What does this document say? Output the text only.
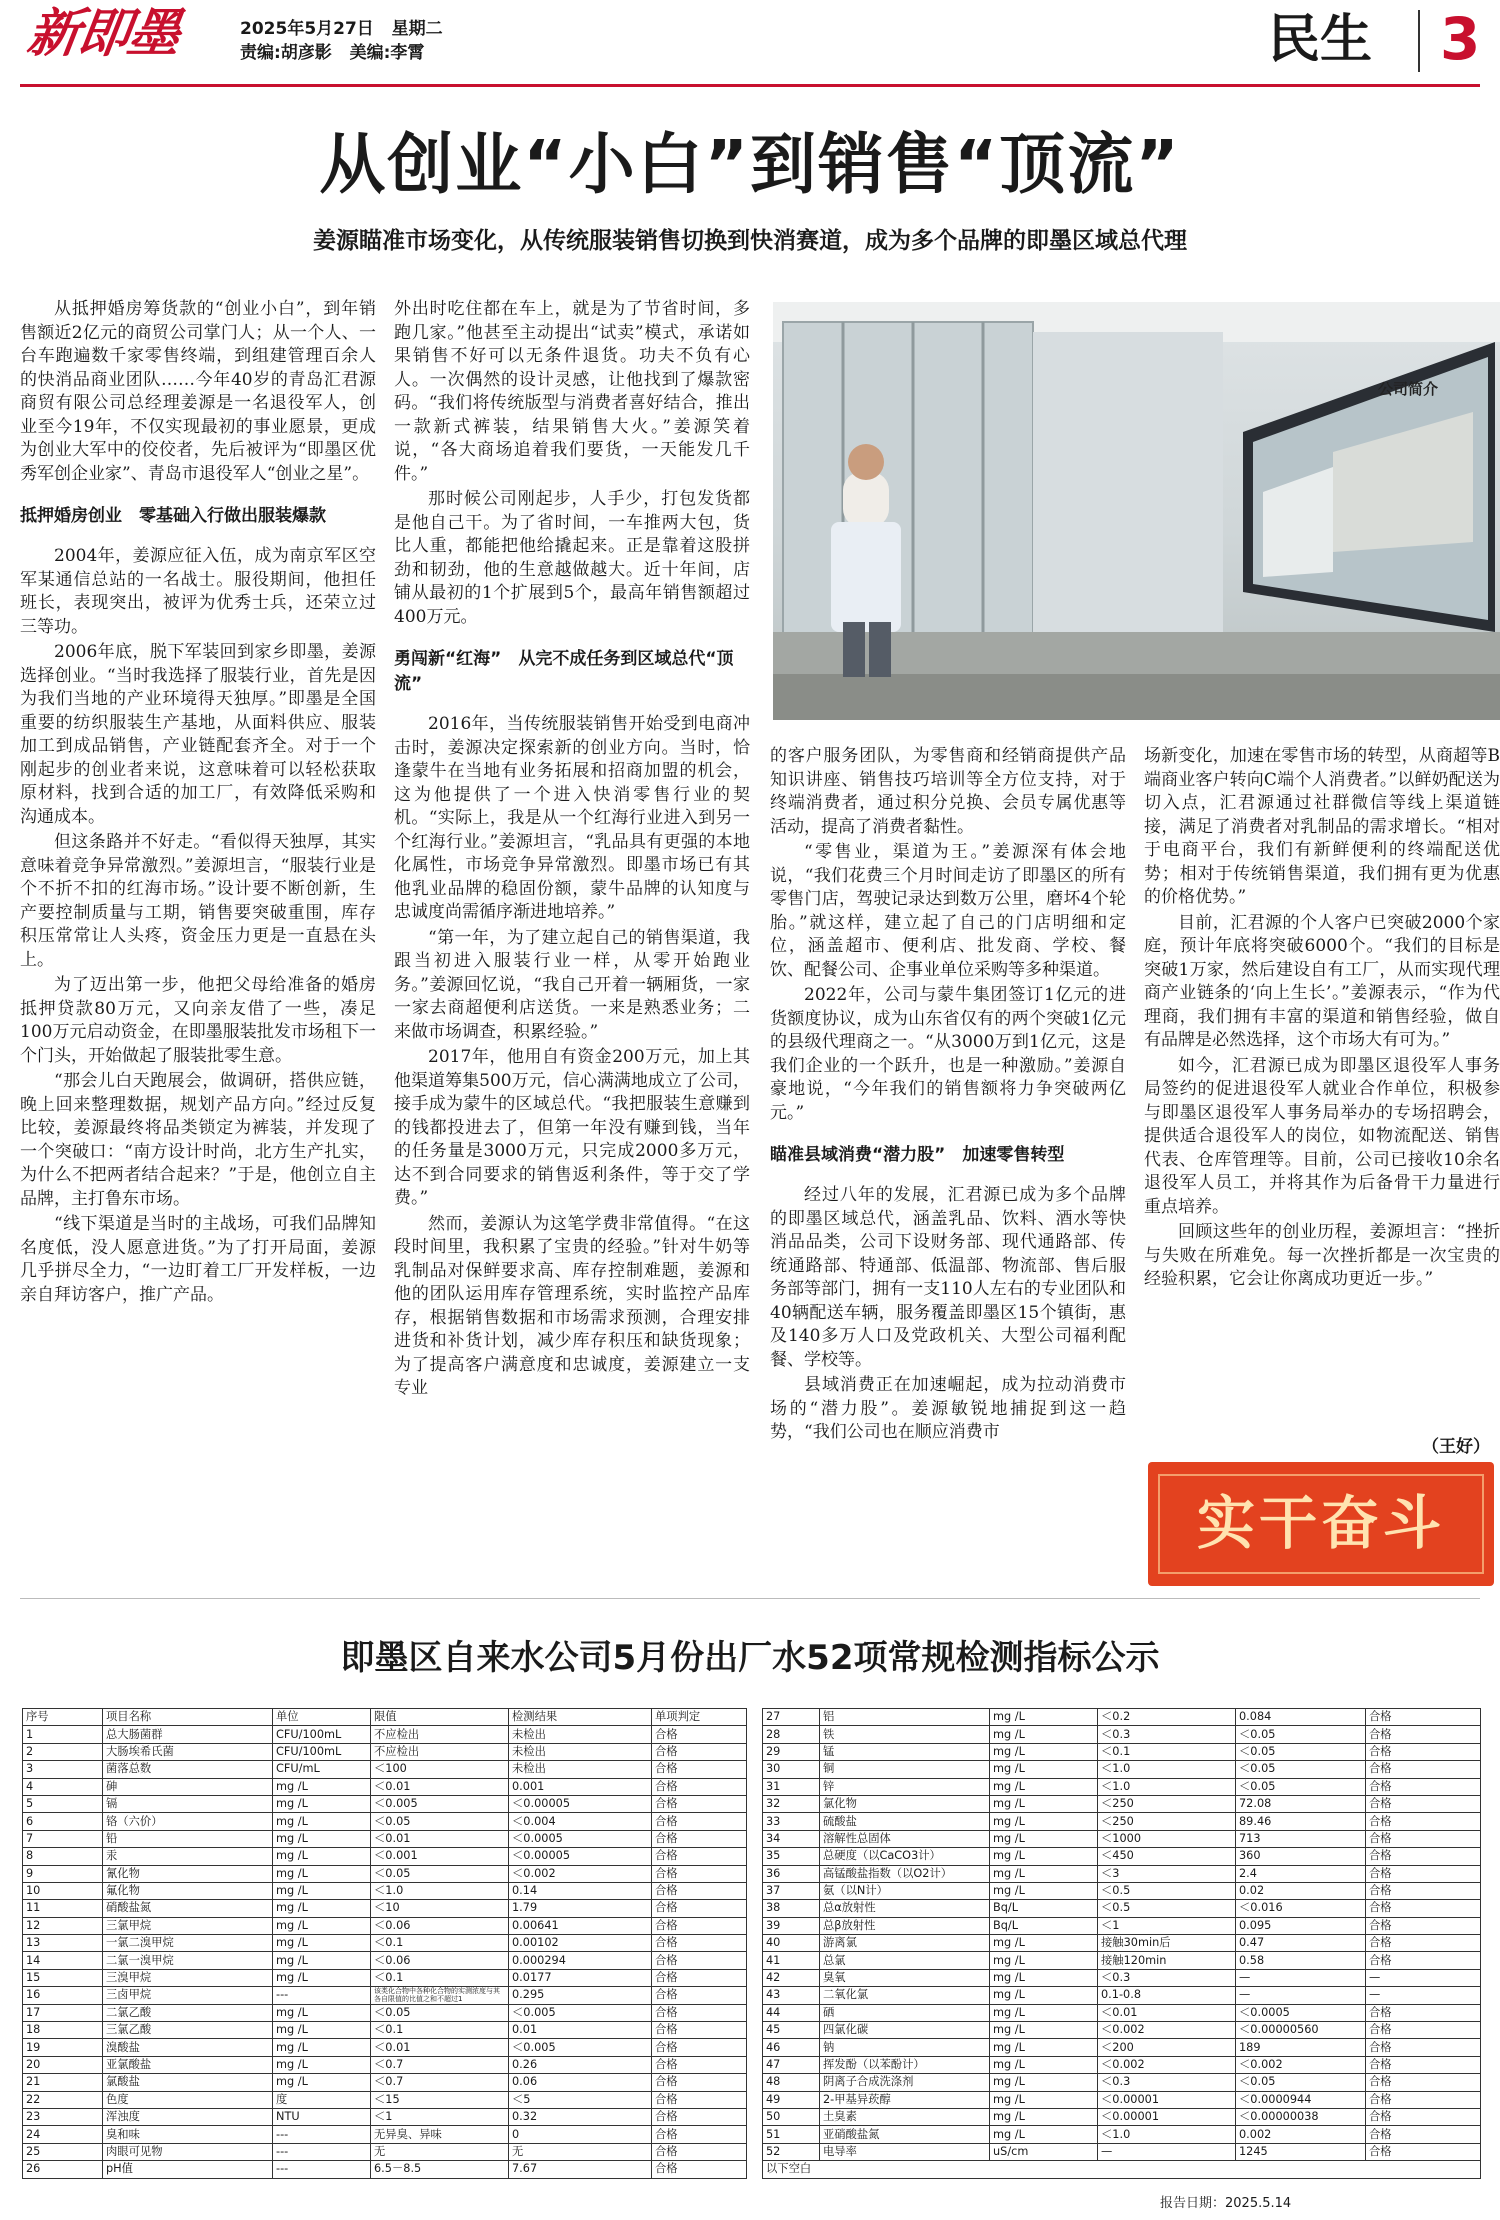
新即墨	2025年5月27日 星期二
责编:胡彦影 美编:李霄	民生 3
从创业“小白”到销售“顶流”
姜源瞄准市场变化，从传统服装销售切换到快消赛道，成为多个品牌的即墨区域总代理
公司简介

从抵押婚房筹货款的“创业小白”，到年销售额近2亿元的商贸公司掌门人；从一个人、一台车跑遍数千家零售终端，到组建管理百余人的快消品商业团队……今年40岁的青岛汇君源商贸有限公司总经理姜源是一名退役军人，创业至今19年，不仅实现最初的事业愿景，更成为创业大军中的佼佼者，先后被评为“即墨区优秀军创企业家”、青岛市退役军人“创业之星”。

抵押婚房创业　零基础入行做出服装爆款

2004年，姜源应征入伍，成为南京军区空军某通信总站的一名战士。服役期间，他担任班长，表现突出，被评为优秀士兵，还荣立过三等功。

2006年底，脱下军装回到家乡即墨，姜源选择创业。“当时我选择了服装行业，首先是因为我们当地的产业环境得天独厚。”即墨是全国重要的纺织服装生产基地，从面料供应、服装加工到成品销售，产业链配套齐全。对于一个刚起步的创业者来说，这意味着可以轻松获取原材料，找到合适的加工厂，有效降低采购和沟通成本。

但这条路并不好走。“看似得天独厚，其实意味着竞争异常激烈。”姜源坦言，“服装行业是个不折不扣的红海市场。”设计要不断创新，生产要控制质量与工期，销售要突破重围，库存积压常常让人头疼，资金压力更是一直悬在头上。

为了迈出第一步，他把父母给准备的婚房抵押贷款80万元，又向亲友借了一些，凑足100万元启动资金，在即墨服装批发市场租下一个门头，开始做起了服装批零生意。

“那会儿白天跑展会，做调研，搭供应链，晚上回来整理数据，规划产品方向。”经过反复比较，姜源最终将品类锁定为裤装，并发现了一个突破口：“南方设计时尚，北方生产扎实，为什么不把两者结合起来？”于是，他创立自主品牌，主打鲁东市场。

“线下渠道是当时的主战场，可我们品牌知名度低，没人愿意进货。”为了打开局面，姜源几乎拼尽全力，“一边盯着工厂开发样板，一边亲自拜访客户，推广产品。

外出时吃住都在车上，就是为了节省时间，多跑几家。”他甚至主动提出“试卖”模式，承诺如果销售不好可以无条件退货。功夫不负有心人。一次偶然的设计灵感，让他找到了爆款密码。“我们将传统版型与消费者喜好结合，推出一款新式裤装，结果销售大火。”姜源笑着说，“各大商场追着我们要货，一天能发几千件。”

那时候公司刚起步，人手少，打包发货都是他自己干。为了省时间，一车推两大包，货比人重，都能把他给撬起来。正是靠着这股拼劲和韧劲，他的生意越做越大。近十年间，店铺从最初的1个扩展到5个，最高年销售额超过400万元。

勇闯新“红海”　从完不成任务到区域总代“顶流”

2016年，当传统服装销售开始受到电商冲击时，姜源决定探索新的创业方向。当时，恰逢蒙牛在当地有业务拓展和招商加盟的机会，这为他提供了一个进入快消零售行业的契机。“实际上，我是从一个红海行业进入到另一个红海行业。”姜源坦言，“乳品具有更强的本地化属性，市场竞争异常激烈。即墨市场已有其他乳业品牌的稳固份额，蒙牛品牌的认知度与忠诚度尚需循序渐进地培养。”

“第一年，为了建立起自己的销售渠道，我跟当初进入服装行业一样，从零开始跑业务。”姜源回忆说，“我自己开着一辆厢货，一家一家去商超便利店送货。一来是熟悉业务；二来做市场调查，积累经验。”

2017年，他用自有资金200万元，加上其他渠道筹集500万元，信心满满地成立了公司，接手成为蒙牛的区域总代。“我把服装生意赚到的钱都投进去了，但第一年没有赚到钱，当年的任务量是3000万元，只完成2000多万元，达不到合同要求的销售返利条件，等于交了学费。”

然而，姜源认为这笔学费非常值得。“在这段时间里，我积累了宝贵的经验。”针对牛奶等乳制品对保鲜要求高、库存控制难题，姜源和他的团队运用库存管理系统，实时监控产品库存，根据销售数据和市场需求预测，合理安排进货和补货计划，减少库存积压和缺货现象；为了提高客户满意度和忠诚度，姜源建立一支专业

的客户服务团队，为零售商和经销商提供产品知识讲座、销售技巧培训等全方位支持，对于终端消费者，通过积分兑换、会员专属优惠等活动，提高了消费者黏性。

“零售业，渠道为王。”姜源深有体会地说，“我们花费三个月时间走访了即墨区的所有零售门店，驾驶记录达到数万公里，磨坏4个轮胎。”就这样，建立起了自己的门店明细和定位，涵盖超市、便利店、批发商、学校、餐饮、配餐公司、企事业单位采购等多种渠道。

2022年，公司与蒙牛集团签订1亿元的进货额度协议，成为山东省仅有的两个突破1亿元的县级代理商之一。“从3000万到1亿元，这是我们企业的一个跃升，也是一种激励。”姜源自豪地说，“今年我们的销售额将力争突破两亿元。”

瞄准县域消费“潜力股”　加速零售转型

经过八年的发展，汇君源已成为多个品牌的即墨区域总代，涵盖乳品、饮料、酒水等快消品品类，公司下设财务部、现代通路部、传统通路部、特通部、低温部、物流部、售后服务部等部门，拥有一支110人左右的专业团队和40辆配送车辆，服务覆盖即墨区15个镇街，惠及140多万人口及党政机关、大型公司福利配餐、学校等。

县域消费正在加速崛起，成为拉动消费市场的“潜力股”。姜源敏锐地捕捉到这一趋势，“我们公司也在顺应消费市

场新变化，加速在零售市场的转型，从商超等B端商业客户转向C端个人消费者。”以鲜奶配送为切入点，汇君源通过社群微信等线上渠道链接，满足了消费者对乳制品的需求增长。“相对于电商平台，我们有新鲜便利的终端配送优势；相对于传统销售渠道，我们拥有更为优惠的价格优势。”

目前，汇君源的个人客户已突破2000个家庭，预计年底将突破6000个。“我们的目标是突破1万家，然后建设自有工厂，从而实现代理商产业链条的‘向上生长’。”姜源表示，“作为代理商，我们拥有丰富的渠道和销售经验，做自有品牌是必然选择，这个市场大有可为。”

如今，汇君源已成为即墨区退役军人事务局签约的促进退役军人就业合作单位，积极参与即墨区退役军人事务局举办的专场招聘会，提供适合退役军人的岗位，如物流配送、销售代表、仓库管理等。目前，公司已接收10余名退役军人员工，并将其作为后备骨干力量进行重点培养。

回顾这些年的创业历程，姜源坦言：“挫折与失败在所难免。每一次挫折都是一次宝贵的经验积累，它会让你离成功更近一步。”

（王好）
实干奋斗
即墨区自来水公司5月份出厂水52项常规检测指标公示
序号	项目名称	单位	限值	检测结果	单项判定
1	总大肠菌群	CFU/100mL	不应检出	未检出	合格
2	大肠埃希氏菌	CFU/100mL	不应检出	未检出	合格
3	菌落总数	CFU/mL	＜100	未检出	合格
4	砷	mg /L	＜0.01	0.001	合格
5	镉	mg /L	＜0.005	＜0.00005	合格
6	铬（六价）	mg /L	＜0.05	＜0.004	合格
7	铅	mg /L	＜0.01	＜0.0005	合格
8	汞	mg /L	＜0.001	＜0.00005	合格
9	氰化物	mg /L	＜0.05	＜0.002	合格
10	氟化物	mg /L	＜1.0	0.14	合格
11	硝酸盐氮	mg /L	＜10	1.79	合格
12	三氯甲烷	mg /L	＜0.06	0.00641	合格
13	一氯二溴甲烷	mg /L	＜0.1	0.00102	合格
14	二氯一溴甲烷	mg /L	＜0.06	0.000294	合格
15	三溴甲烷	mg /L	＜0.1	0.0177	合格
16	三卤甲烷	---	该类化合物中各种化合物的实测浓度与其各自限值的比值之和不超过1	0.295	合格
17	二氯乙酸	mg /L	＜0.05	＜0.005	合格
18	三氯乙酸	mg /L	＜0.1	0.01	合格
19	溴酸盐	mg /L	＜0.01	＜0.005	合格
20	亚氯酸盐	mg /L	＜0.7	0.26	合格
21	氯酸盐	mg /L	＜0.7	0.06	合格
22	色度	度	＜15	＜5	合格
23	浑浊度	NTU	＜1	0.32	合格
24	臭和味	---	无异臭、异味	0	合格
25	肉眼可见物	---	无	无	合格
26	pH值	---	6.5－8.5	7.67	合格
27	铝	mg /L	＜0.2	0.084	合格
28	铁	mg /L	＜0.3	＜0.05	合格
29	锰	mg /L	＜0.1	＜0.05	合格
30	铜	mg /L	＜1.0	＜0.05	合格
31	锌	mg /L	＜1.0	＜0.05	合格
32	氯化物	mg /L	＜250	72.08	合格
33	硫酸盐	mg /L	＜250	89.46	合格
34	溶解性总固体	mg /L	＜1000	713	合格
35	总硬度（以CaCO3计）	mg /L	＜450	360	合格
36	高锰酸盐指数（以O2计）	mg /L	＜3	2.4	合格
37	氨（以N计）	mg /L	＜0.5	0.02	合格
38	总α放射性	Bq/L	＜0.5	＜0.016	合格
39	总β放射性	Bq/L	＜1	0.095	合格
40	游离氯	mg /L	接触30min后	0.47	合格
41	总氯	mg /L	接触120min	0.58	合格
42	臭氧	mg /L	＜0.3	—	—
43	二氧化氯	mg /L	0.1-0.8	—	—
44	硒	mg /L	＜0.01	＜0.0005	合格
45	四氯化碳	mg /L	＜0.002	＜0.00000560	合格
46	钠	mg /L	＜200	189	合格
47	挥发酚（以苯酚计）	mg /L	＜0.002	＜0.002	合格
48	阴离子合成洗涤剂	mg /L	＜0.3	＜0.05	合格
49	2-甲基异莰醇	mg /L	＜0.00001	＜0.0000944	合格
50	土臭素	mg /L	＜0.00001	＜0.00000038	合格
51	亚硝酸盐氮	mg /L	＜1.0	0.002	合格
52	电导率	uS/cm	—	1245	合格
以下空白					
报告日期：2025.5.14
